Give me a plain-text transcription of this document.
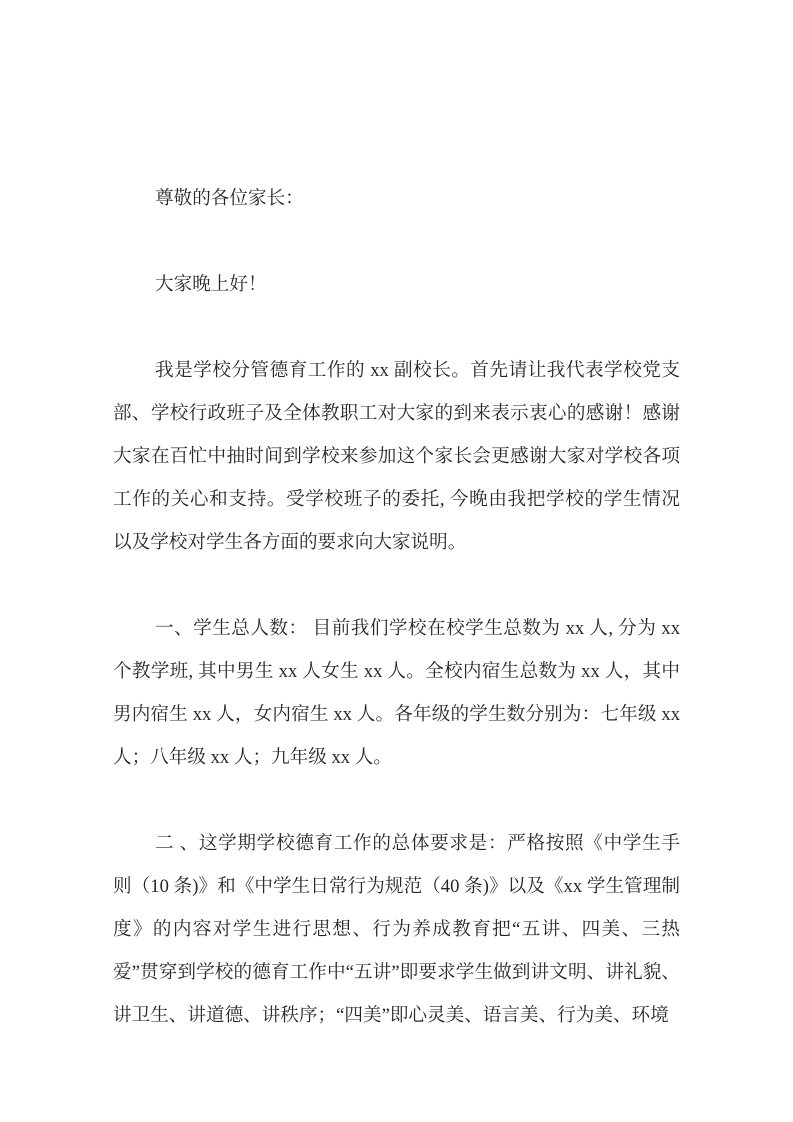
尊敬的各位家长：

大家晚上好！

我是学校分管德育工作的 xx 副校长。首先请让我代表学校党支部、学校行政班子及全体教职工对大家的到来表示衷心的感谢！感谢大家在百忙中抽时间到学校来参加这个家长会更感谢大家对学校各项工作的关心和支持。受学校班子的委托, 今晚由我把学校的学生情况以及学校对学生各方面的要求向大家说明。

一、学生总人数： 目前我们学校在校学生总数为 xx 人, 分为 xx 个教学班, 其中男生 xx 人女生 xx 人。全校内宿生总数为 xx 人，其中男内宿生 xx 人，女内宿生 xx 人。各年级的学生数分别为：七年级 xx 人；八年级 xx 人；九年级 xx 人。

二 、这学期学校德育工作的总体要求是：严格按照《中学生手则（10 条)》和《中学生日常行为规范（40 条)》以及《xx 学生管理制度》的内容对学生进行思想、行为养成教育把“五讲、四美、三热爱”贯穿到学校的德育工作中“五讲”即要求学生做到讲文明、讲礼貌、讲卫生、讲道德、讲秩序；“四美”即心灵美、语言美、行为美、环境
